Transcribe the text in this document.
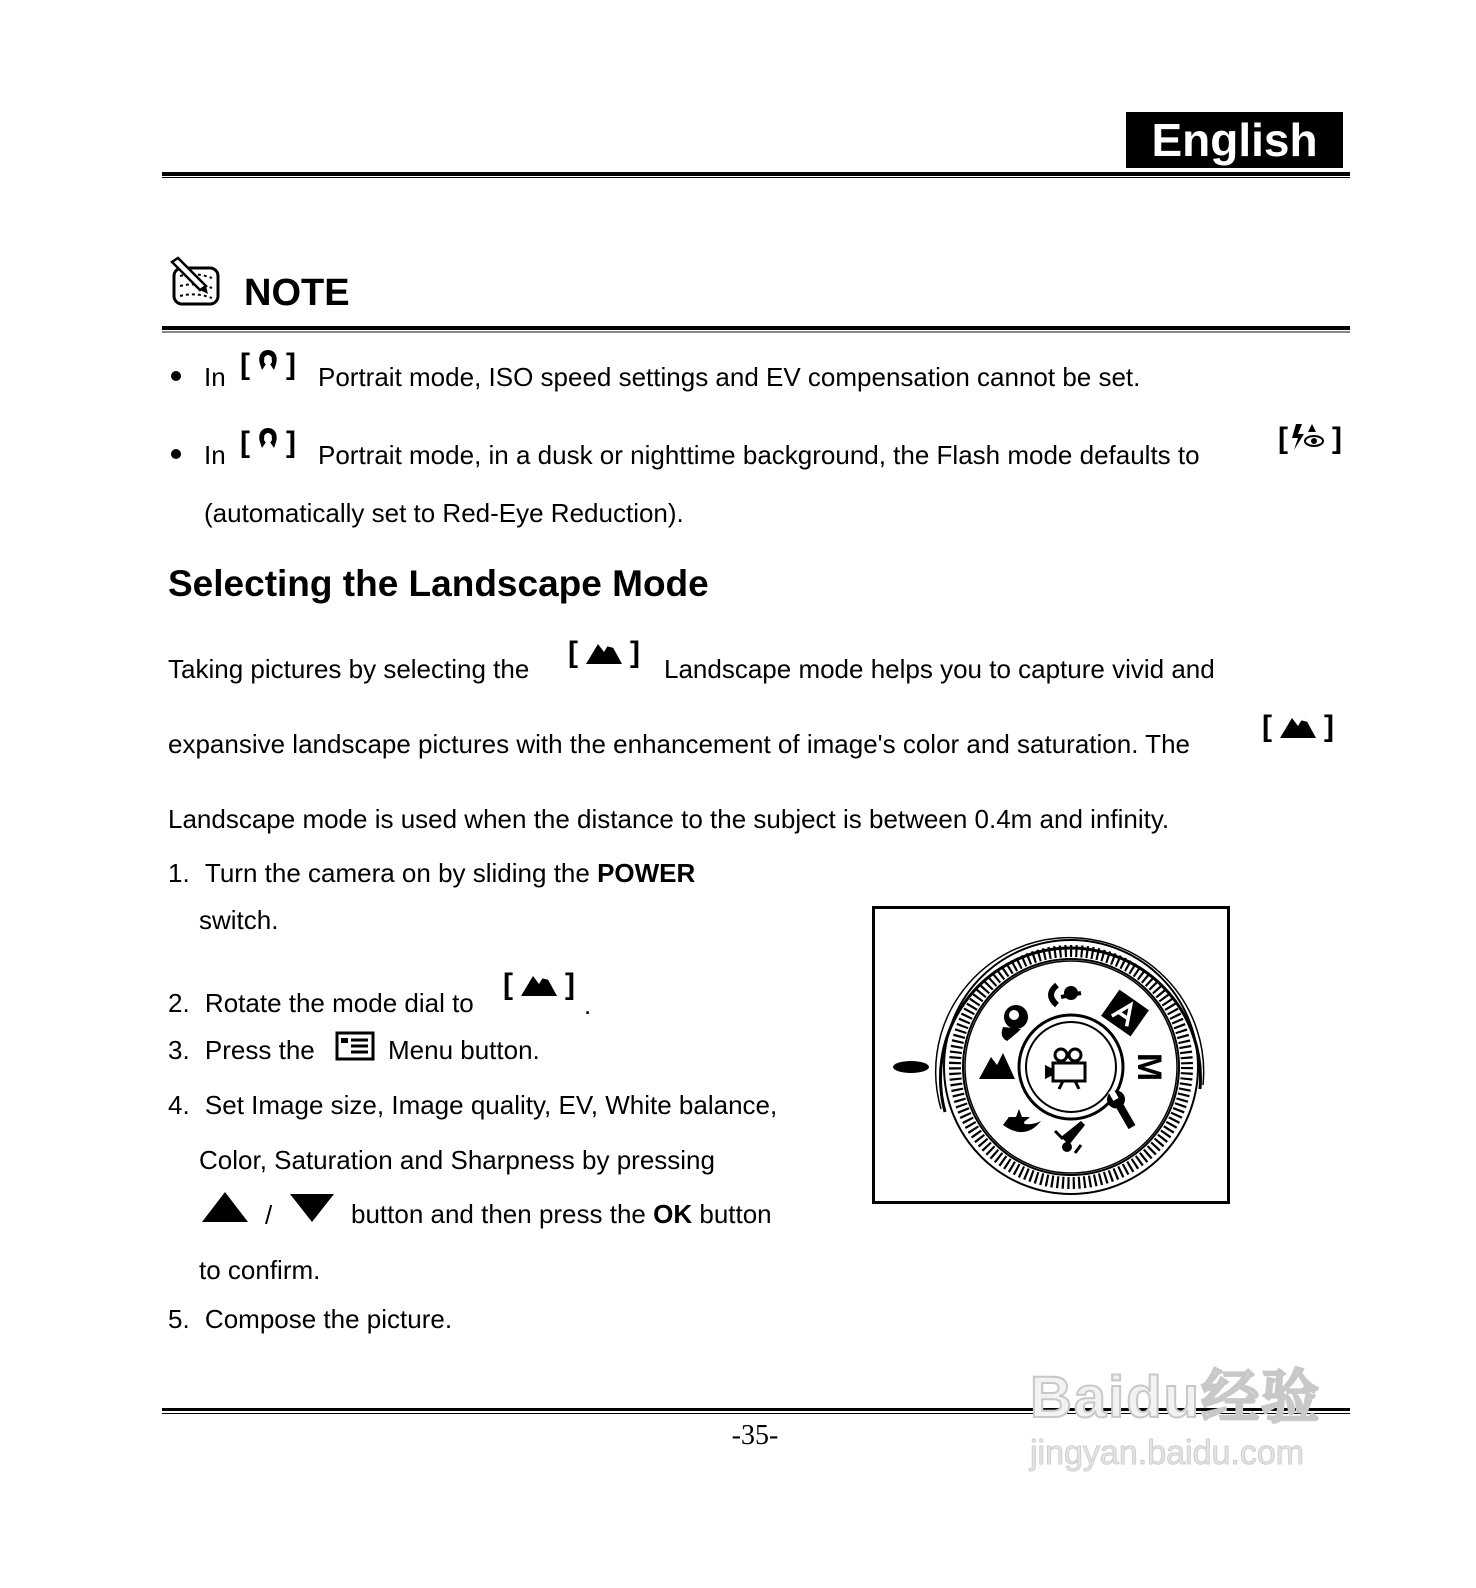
English
NOTE
In [ ] Portrait mode, ISO speed settings and EV compensation cannot be set.
In [ ] Portrait mode, in a dusk or nighttime background, the Flash mode defaults to	[ ]
(automatically set to Red-Eye Reduction).
Selecting the Landscape Mode
Taking pictures by selecting the [ ] Landscape mode helps you to capture vivid and
expansive landscape pictures with the enhancement of image's color and saturation. The
[ ]
Landscape mode is used when the distance to the subject is between 0.4m and infinity.
1. Turn the camera on by sliding the POWER
switch.
2. Rotate the mode dial to
[ ]
.
3. Press the	Menu button.
4. Set Image size, Image quality, EV, White balance,
Color, Saturation and Sharpness by pressing
/	button and then press the OK button
to confirm.
5. Compose the picture.
M
-35-
Baidu经验
jingyan.baidu.com
